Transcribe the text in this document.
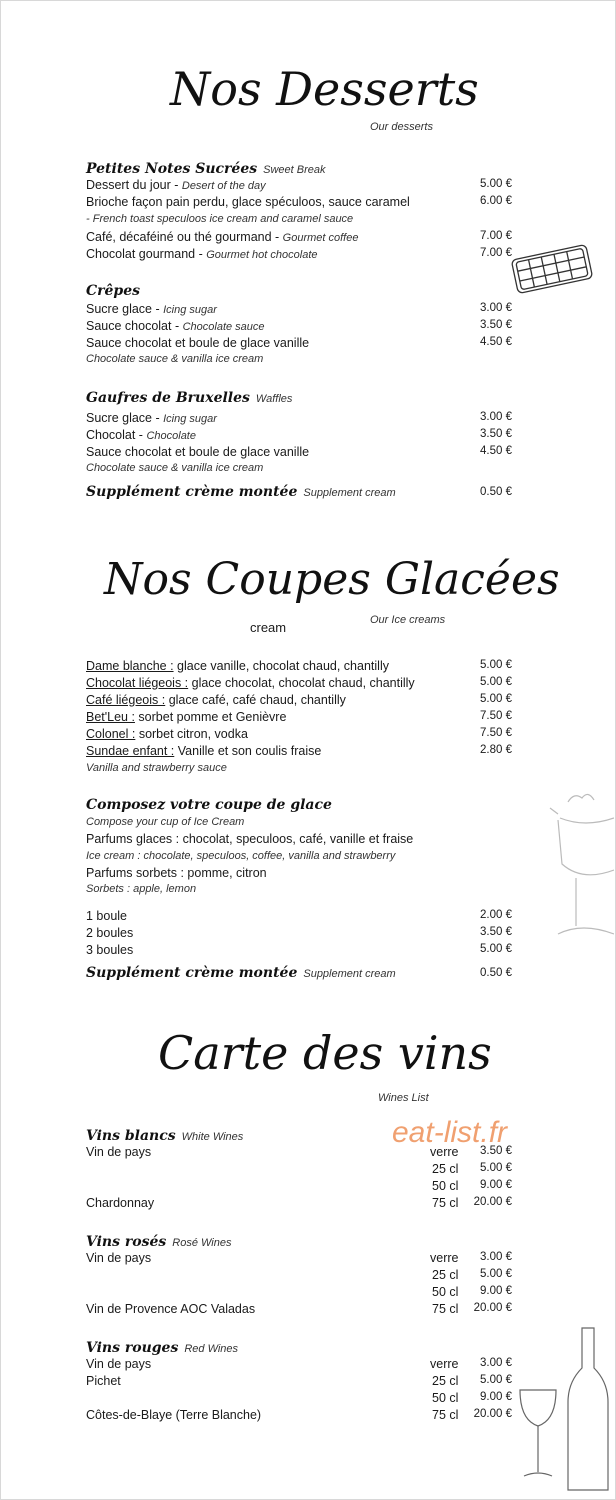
Nos Desserts
Our desserts
Petites Notes Sucrées Sweet Break
Dessert du jour - Desert of the day	5.00 €
Brioche façon pain perdu, glace spéculoos, sauce caramel	6.00 €
- French toast speculoos ice cream and caramel sauce
Café, décaféiné ou thé gourmand - Gourmet coffee	7.00 €
Chocolat gourmand - Gourmet hot chocolate	7.00 €
Crêpes
Sucre glace - Icing sugar	3.00 €
Sauce chocolat - Chocolate sauce	3.50 €
Sauce chocolat et boule de glace vanille	4.50 €
Chocolate sauce & vanilla ice cream
Gaufres de Bruxelles Waffles
Sucre glace - Icing sugar	3.00 €
Chocolat - Chocolate	3.50 €
Sauce chocolat et boule de glace vanille	4.50 €
Chocolate sauce & vanilla ice cream
Supplément crème montée Supplement cream	0.50 €
Nos Coupes Glacées
Our Ice creams
cream
Dame blanche : glace vanille, chocolat chaud, chantilly	5.00 €
Chocolat liégeois : glace chocolat, chocolat chaud, chantilly	5.00 €
Café liégeois : glace café, café chaud, chantilly	5.00 €
Bet'Leu : sorbet pomme et Genièvre	7.50 €
Colonel : sorbet citron, vodka	7.50 €
Sundae enfant : Vanille et son coulis fraise	2.80 €
Vanilla and strawberry sauce
Composez votre coupe de glace
Compose your cup of Ice Cream
Parfums glaces : chocolat, speculoos, café, vanille et fraise
Ice cream : chocolate, speculoos, coffee, vanilla and strawberry
Parfums sorbets : pomme, citron
Sorbets : apple, lemon
1 boule	2.00 €
2 boules	3.50 €
3 boules	5.00 €
Supplément crème montée Supplement cream	0.50 €
Carte des vins
Wines List
eat-list.fr
Vins blancs White Wines
Vin de pays	verre	3.50 €
25 cl	5.00 €
50 cl	9.00 €
Chardonnay	75 cl	20.00 €
Vins rosés Rosé Wines
Vin de pays	verre	3.00 €
25 cl	5.00 €
50 cl	9.00 €
Vin de Provence AOC Valadas	75 cl	20.00 €
Vins rouges Red Wines
Vin de pays	verre	3.00 €
Pichet	25 cl	5.00 €
50 cl	9.00 €
Côtes-de-Blaye (Terre Blanche)	75 cl	20.00 €
